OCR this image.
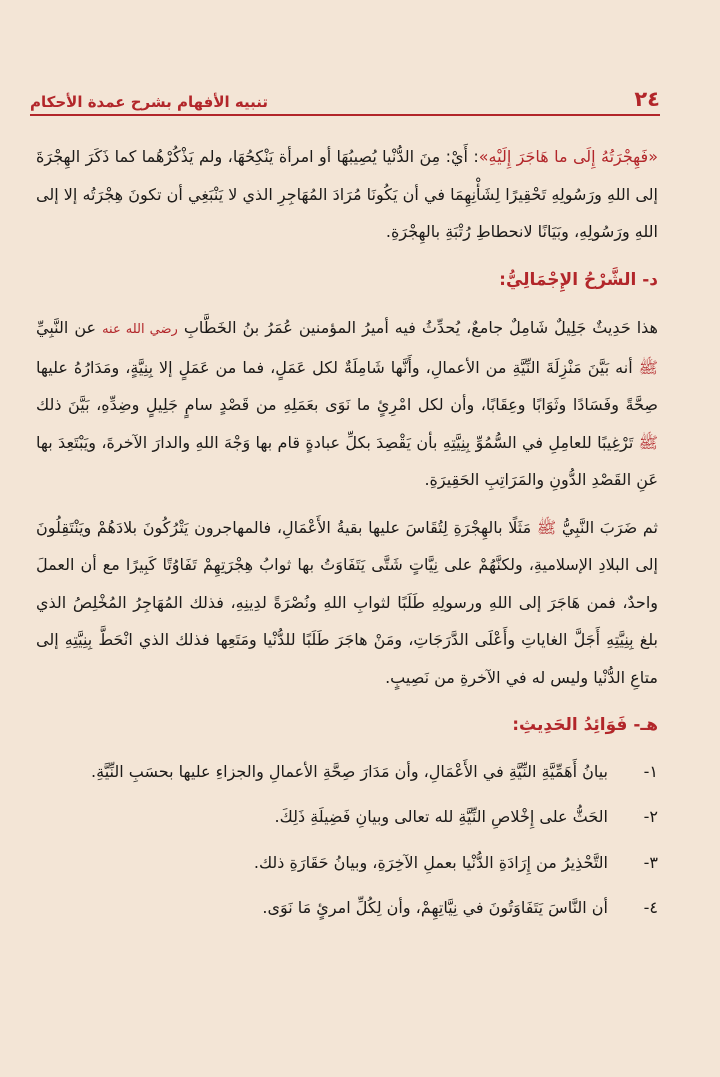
٢٤
تنبيه الأفهام بشرح عمدة الأحكام

«فَهِجْرَتُهُ إِلَى ما هَاجَرَ إِلَيْهِ»: أَيْ: مِنَ الدُّنْيا يُصِيبُهَا أو امرأة يَنْكِحُهَا، ولم يَذْكُرْهُما كما ذَكَرَ الهِجْرَةَ إلى اللهِ ورَسُولِهِ تَحْقِيرًا لِشَأْنِهِمَا في أن يَكُونَا مُرَادَ المُهَاجِرِ الذي لا يَنْبَغِي أن تكونَ هِجْرَتُه إلا إلى اللهِ ورَسُولِهِ، وبَيَانًا لانحطاطِ رُتْبَةِ بالهِجْرَةِ.

د- الشَّرْحُ الإِجْمَالِيُّ:

هذا حَدِيثٌ جَلِيلٌ شَامِلٌ جامعٌ، يُحدِّثُ فيه أميرُ المؤمنين عُمَرُ بنُ الخَطَّابِ رضي الله عنه عن النَّبِيِّ ﷺ أنه بَيَّنَ مَنْزِلَةَ النِّيَّةِ من الأعمالِ، وأَنَّها شَامِلَةٌ لكل عَمَلٍ، فما من عَمَلٍ إلا بِنِيَّةٍ، ومَدَارُهُ عليها صِحَّةً وفَسَادًا وثَوَابًا وعِقَابًا، وأن لكل امْرِئٍ ما نَوَى بعَمَلِهِ من قَصْدٍ سامٍ جَلِيلٍ وضِدِّهِ، بَيَّنَ ذلك ﷺ تَرْغِيبًا للعامِلِ في السُّمُوِّ بِنِيَّتِهِ بأن يَقْصِدَ بكلِّ عبادةٍ قام بها وَجْهَ اللهِ والدارَ الآخرةَ، ويَبْتَعِدَ بها عَنِ القَصْدِ الدُّونِ والمَرَاتِبِ الحَقِيرَةِ.

ثم ضَرَبَ النَّبِيُّ ﷺ مَثَلًا بالهِجْرَةِ لِتُقَاسَ عليها بقيةُ الأَعْمَالِ، فالمهاجرون يَتْرُكُونَ بلادَهُمْ ويَنْتَقِلُونَ إلى البلادِ الإسلاميةِ، ولكنَّهُمْ على نِيَّاتٍ شَتَّى يَتَفَاوَتُ بها ثوابُ هِجْرَتِهِمْ تَفَاوُتًا كَبِيرًا مع أن العملَ واحدٌ، فمن هَاجَرَ إلى اللهِ ورسولِهِ طَلَبًا لثوابِ اللهِ ونُصْرَةً لدِينِهِ، فذلك المُهَاجِرُ المُخْلِصُ الذي بلغ بِنِيَّتِهِ أَجَلَّ الغاياتِ وأَعْلَى الدَّرَجَاتِ، ومَنْ هاجَرَ طَلَبًا للدُّنْيا ومَتَعِها فذلك الذي انْحَطَّ بِنِيَّتِهِ إلى متاعِ الدُّنْيا وليس له في الآخرةِ من نَصِيبٍ.

هـ- فَوَائِدُ الحَدِيثِ:

١-
بيانُ أَهَمِّيَّةِ النِّيَّةِ في الأَعْمَالِ، وأن مَدَارَ صِحَّةِ الأعمالِ والجزاءِ عليها بحسَبِ النِّيَّةِ.
٢-
الحَثُّ على إِخْلاصِ النِّيَّةِ لله تعالى وبيانِ فَضِيلَةِ ذَلِكَ.
٣-
التَّحْذِيرُ من إِرَادَةِ الدُّنْيا بعملِ الآخِرَةِ، وبيانُ حَقَارَةِ ذلك.
٤-
أن النَّاسَ يَتَفَاوَتُونَ في نِيَّاتِهِمْ، وأن لِكُلِّ امرئٍ مَا نَوَى.
